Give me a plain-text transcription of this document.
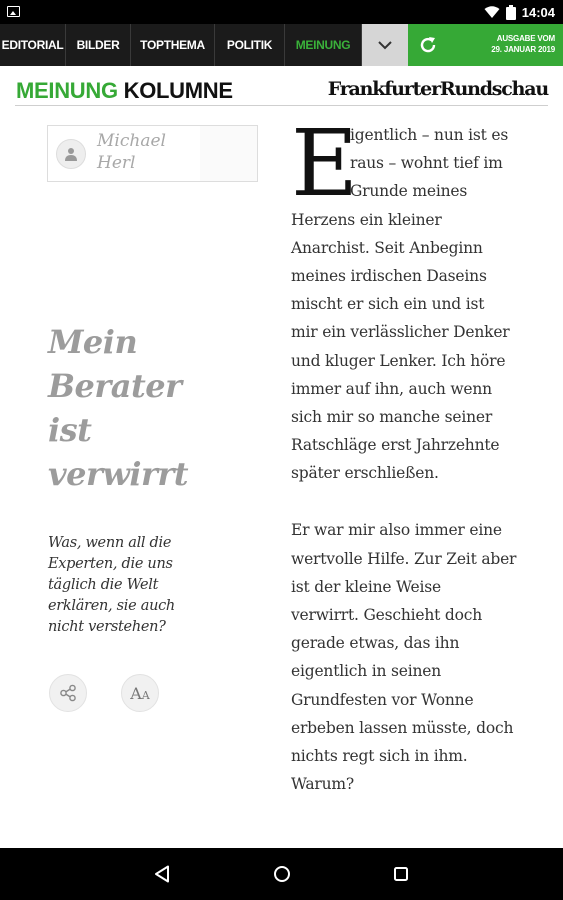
14:04
EDITORIAL	BILDER	TOPTHEMA	POLITIK	MEINUNG	AUSGABE VOM
29. JANUAR 2019
MEINUNG KOLUMNE	FrankfurterRundschau
Michael
Herl
Mein
Berater
ist
verwirrt
Was, wenn all die
Experten, die uns
täglich die Welt
erklären, sie auch
nicht verstehen?
AA
E
igentlich – nun ist es
raus – wohnt tief im
Grunde meines
Herzens ein kleiner
Anarchist. Seit Anbeginn
meines irdischen Daseins
mischt er sich ein und ist
mir ein verlässlicher Denker
und kluger Lenker. Ich höre
immer auf ihn, auch wenn
sich mir so manche seiner
Ratschläge erst Jahrzehnte
später erschließen.
Er war mir also immer eine
wertvolle Hilfe. Zur Zeit aber
ist der kleine Weise
verwirrt. Geschieht doch
gerade etwas, das ihn
eigentlich in seinen
Grundfesten vor Wonne
erbeben lassen müsste, doch
nichts regt sich in ihm.
Warum?
